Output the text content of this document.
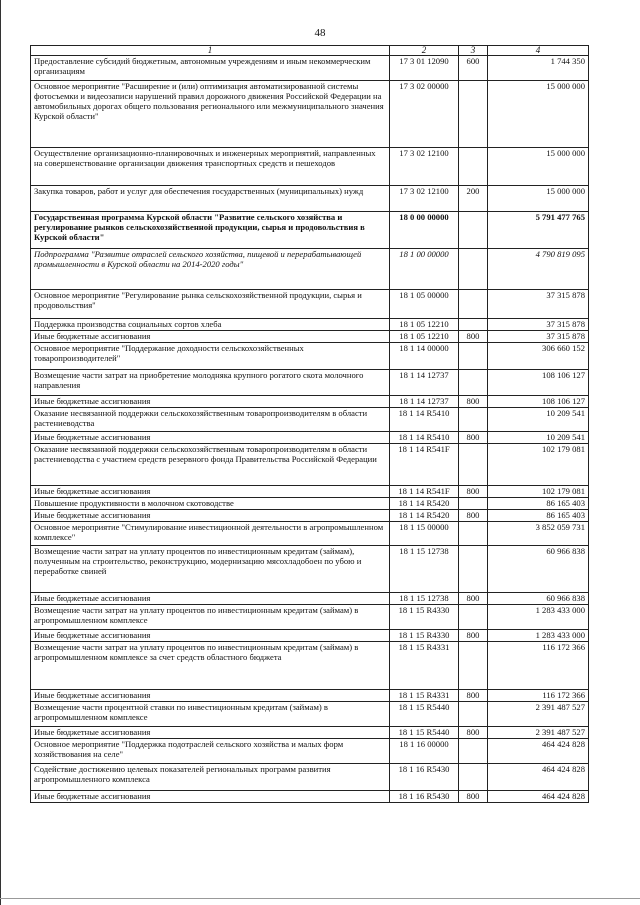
48
1	2	3	4
Предоставление субсидий бюджетным, автономным учреждениям и иным некоммерческим организациям	17 3 01 12090	600	1 744 350
Основное мероприятие "Расширение и (или) оптимизация автоматизированной системы фотосъемки и видеозаписи нарушений правил дорожного движения Российской Федерации на автомобильных дорогах общего пользования регионального или межмуниципального значения Курской области"	17 3 02 00000		15 000 000
Осуществление организационно-планировочных и инженерных мероприятий, направленных на совершенствование организации движения транспортных средств и пешеходов	17 3 02 12100		15 000 000
Закупка товаров, работ и услуг для обеспечения государственных (муниципальных) нужд	17 3 02 12100	200	15 000 000
Государственная программа Курской области "Развитие сельского хозяйства и регулирование рынков сельскохозяйственной продукции, сырья и продовольствия в Курской области"	18 0 00 00000		5 791 477 765
Подпрограмма "Развитие отраслей сельского хозяйства, пищевой и перерабатывающей промышленности в Курской области на 2014-2020 годы"	18 1 00 00000		4 790 819 095
Основное мероприятие "Регулирование рынка сельскохозяйственной продукции, сырья и продовольствия"	18 1 05 00000		37 315 878
Поддержка производства социальных сортов хлеба	18 1 05 12210		37 315 878
Иные бюджетные ассигнования	18 1 05 12210	800	37 315 878
Основное мероприятие "Поддержание доходности сельскохозяйственных товаропроизводителей"	18 1 14 00000		306 660 152
Возмещение части затрат на приобретение молодняка крупного рогатого скота молочного направления	18 1 14 12737		108 106 127
Иные бюджетные ассигнования	18 1 14 12737	800	108 106 127
Оказание несвязанной поддержки сельскохозяйственным товаропроизводителям в области растениеводства	18 1 14 R5410		10 209 541
Иные бюджетные ассигнования	18 1 14 R5410	800	10 209 541
Оказание несвязанной поддержки сельскохозяйственным товаропроизводителям в области растениеводства с участием средств резервного фонда Правительства Российской Федерации	18 1 14 R541F		102 179 081
Иные бюджетные ассигнования	18 1 14 R541F	800	102 179 081
Повышение продуктивности в молочном скотоводстве	18 1 14 R5420		86 165 403
Иные бюджетные ассигнования	18 1 14 R5420	800	86 165 403
Основное мероприятие "Стимулирование инвестиционной деятельности в агропромышленном комплексе"	18 1 15 00000		3 852 059 731
Возмещение части затрат на уплату процентов по инвестиционным кредитам (займам), полученным на строительство, реконструкцию, модернизацию мясохладобоен по убою и переработке свиней	18 1 15 12738		60 966 838
Иные бюджетные ассигнования	18 1 15 12738	800	60 966 838
Возмещение части затрат на уплату процентов по инвестиционным кредитам (займам) в агропромышленном комплексе	18 1 15 R4330		1 283 433 000
Иные бюджетные ассигнования	18 1 15 R4330	800	1 283 433 000
Возмещение части затрат на уплату процентов по инвестиционным кредитам (займам) в агропромышленном комплексе за счет средств областного бюджета	18 1 15 R4331		116 172 366
Иные бюджетные ассигнования	18 1 15 R4331	800	116 172 366
Возмещение части процентной ставки по инвестиционным кредитам (займам) в агропромышленном комплексе	18 1 15 R5440		2 391 487 527
Иные бюджетные ассигнования	18 1 15 R5440	800	2 391 487 527
Основное мероприятие "Поддержка подотраслей сельского хозяйства и малых форм хозяйствования на селе"	18 1 16 00000		464 424 828
Содействие достижению целевых показателей региональных программ развития агропромышленного комплекса	18 1 16 R5430		464 424 828
Иные бюджетные ассигнования	18 1 16 R5430	800	464 424 828
